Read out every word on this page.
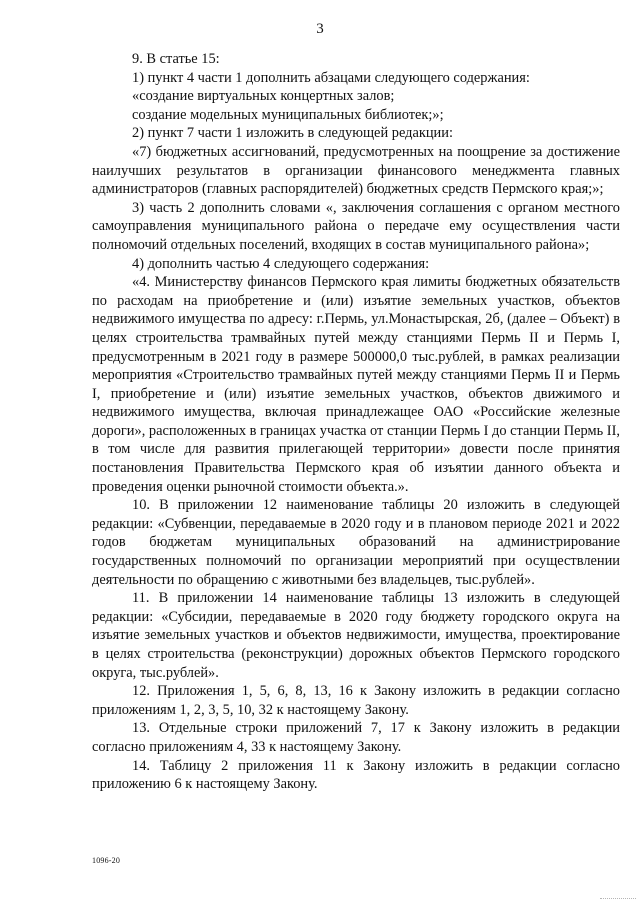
3

9. В статье 15:

1) пункт 4 части 1 дополнить абзацами следующего содержания:

«создание виртуальных концертных залов;

создание модельных муниципальных библиотек;»;

2) пункт 7 части 1 изложить в следующей редакции:

«7) бюджетных ассигнований, предусмотренных на поощрение за достижение наилучших результатов в организации финансового менеджмента главных администраторов (главных распорядителей) бюджетных средств Пермского края;»;

3) часть 2 дополнить словами «, заключения соглашения с органом местного самоуправления муниципального района о передаче ему осуществления части полномочий отдельных поселений, входящих в состав муниципального района»;

4) дополнить частью 4 следующего содержания:

«4. Министерству финансов Пермского края лимиты бюджетных обязательств по расходам на приобретение и (или) изъятие земельных участков, объектов недвижимого имущества по адресу: г.Пермь, ул.Монастырская, 2б, (далее – Объект) в целях строительства трамвайных путей между станциями Пермь II и Пермь I, предусмотренным в 2021 году в размере 500000,0 тыс.рублей, в рамках реализации мероприятия «Строительство трамвайных путей между станциями Пермь II и Пермь I, приобретение и (или) изъятие земельных участков, объектов движимого и недвижимого имущества, включая принадлежащее ОАО «Российские железные дороги», расположенных в границах участка от станции Пермь I до станции Пермь II, в том числе для развития прилегающей территории» довести после принятия постановления Правительства Пермского края об изъятии данного объекта и проведения оценки рыночной стоимости объекта.».

10. В приложении 12 наименование таблицы 20 изложить в следующей редакции: «Субвенции, передаваемые в 2020 году и в плановом периоде 2021 и 2022 годов бюджетам муниципальных образований на администрирование государственных полномочий по организации мероприятий при осуществлении деятельности по обращению с животными без владельцев, тыс.рублей».

11. В приложении 14 наименование таблицы 13 изложить в следующей редакции: «Субсидии, передаваемые в 2020 году бюджету городского округа на изъятие земельных участков и объектов недвижимости, имущества, проектирование в целях строительства (реконструкции) дорожных объектов Пермского городского округа, тыс.рублей».

12. Приложения 1, 5, 6, 8, 13, 16 к Закону изложить в редакции согласно приложениям 1, 2, 3, 5, 10, 32 к настоящему Закону.

13. Отдельные строки приложений 7, 17 к Закону изложить в редакции согласно приложениям 4, 33 к настоящему Закону.

14. Таблицу 2 приложения 11 к Закону изложить в редакции согласно приложению 6 к настоящему Закону.

1096-20
